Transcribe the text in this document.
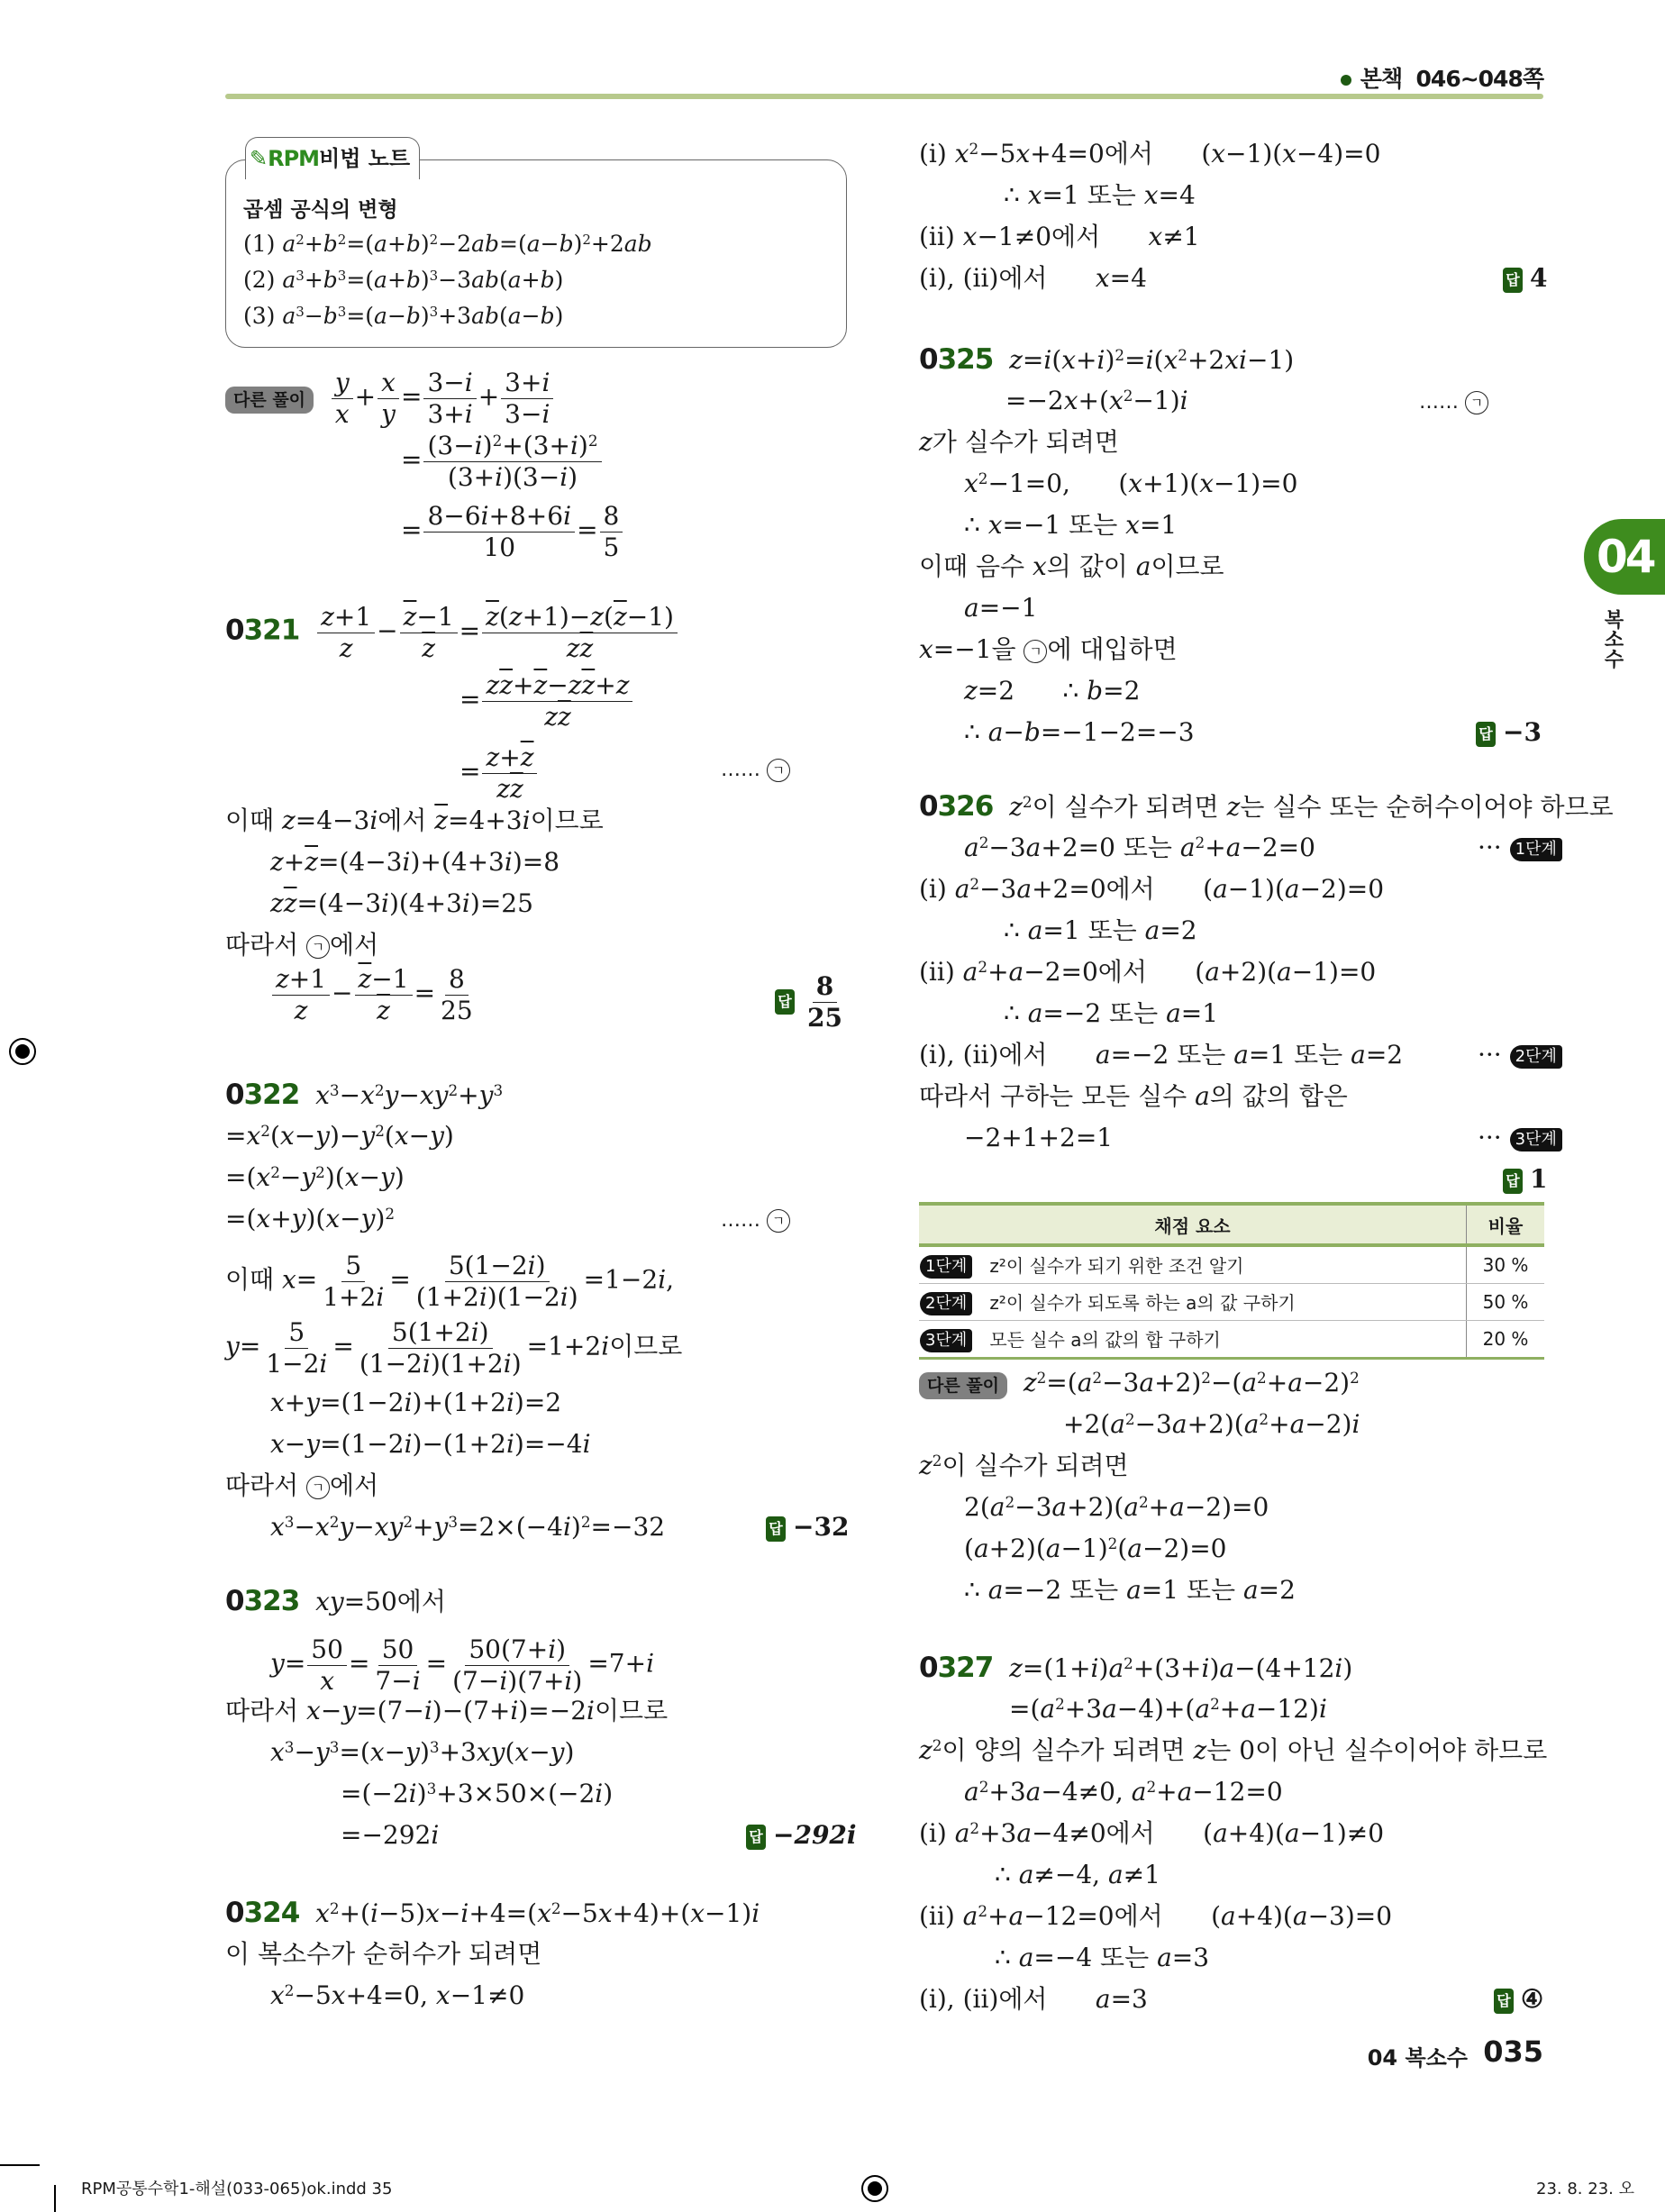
본책 046~048쪽
✎RPM비법 노트
곱셈 공식의 변형
(1) $a^2+b^2=(a+b)^2-2ab=(a-b)^2+2ab$
(2) $a^3+b^3=(a+b)^3-3ab(a+b)$
(3) $a^3-b^3=(a-b)^3+3ab(a-b)$
다른 풀이 $\frac{y}{x} + \frac{x}{y} = \frac{3-i}{3+i} + \frac{3+i}{3-i}$
= $\frac{(3-i)^2+(3+i)^2}{(3+i)(3-i)}$
= $\frac{8-6i+8+6i}{10} = \frac{8}{5}$
$0321 \frac{z+1}{z} - \frac{\overline{z}-1}{z} = \frac{\overline{z}(z+1)-z(\overline{z}-1)}{z\overline{z}}$
= $\frac{z\overline{z}+\overline{z}-z\overline{z}+z}{z\overline{z}}$
= $\frac{z+\overline{z}}{z\overline{z}}$	…… ㄱ
이때 z=4−3i에서 $\overline{z}=4+3i$이므로
$z+\overline{z}=(4-3i)+(4+3i)=8$
$z\overline{z}=(4-3i)(4+3i)=25$
따라서 ㄱ 에서
$\frac{z+1}{z} - \frac{\overline{z}-1}{z} = \frac{8}{25}$	답 $\frac{8}{25}$
0322 $x^3-x^2y-xy^2+y^3$
$=x^2(x-y)-y^2(x-y)$
$=(x^2-y^2)(x-y)$
$=(x+y)(x-y)^2$	…… ㄱ
이때 $x= \frac{5}{1+2i} = \frac{5(1-2i)}{(1+2i)(1-2i)} =1-2i$,
$y= \frac{5}{1-2i} = \frac{5(1+2i)}{(1-2i)(1+2i)} =1+2i$이므로
x+y=(1−2i)+(1+2i)=2
x−y=(1−2i)−(1+2i)=−4i
따라서 ㄱ 에서
$x^3-x^2y-xy^2+y^3=2\times(-4i)^2=-32$	답 −32
0323 xy=50에서
$y= \frac{50}{x} = \frac{50}{7-i} = \frac{50(7+i)}{(7-i)(7+i)} =7+i$
따라서 x−y=(7−i)−(7+i)=−2i이므로
$x^3-y^3=(x-y)^3+3xy(x-y)$
$=(-2i)^3+3\times 50\times(-2i)$
=−292i	답 −292i
0324 $x^2+(i-5)x-i+4=(x^2-5x+4)+(x-1)i$
이 복소수가 순허수가 되려면
$x^2-5x+4=0$, x−1≠0
(i) $x^2-5x+4=0$에서      (x−1)(x−4)=0
∴ x=1 또는 x=4
(ii) x−1≠0에서      x≠1
(i), (ii)에서      x=4	답 4
0325 $z=i(x+i)^2=i(x^2+2xi-1)$
$=-2x+(x^2-1)i$	…… ㄱ
z가 실수가 되려면
$x^2-1=0$,      (x+1)(x−1)=0
∴ x=−1 또는 x=1
이때 음수 x의 값이 a이므로
a=−1
x=−1을 ㄱ 에 대입하면
z=2      ∴ b=2
∴ a−b=−1−2=−3	답 −3
0326 $z^2$이 실수가 되려면 z는 실수 또는 순허수이어야 하므로
$a^2-3a+2=0$ 또는 $a^2+a-2=0$	··· 1단계
(i) $a^2-3a+2=0$에서      (a−1)(a−2)=0
∴ a=1 또는 a=2
(ii) $a^2+a-2=0$에서      (a+2)(a−1)=0
∴ a=−2 또는 a=1
(i), (ii)에서      a=−2 또는 a=1 또는 a=2	··· 2단계
따라서 구하는 모든 실수 a의 값의 합은
−2+1+2=1	··· 3단계
답 1
채점 요소	비율
1단계 z²이 실수가 되기 위한 조건 알기	30 %
2단계 z²이 실수가 되도록 하는 a의 값 구하기	50 %
3단계 모든 실수 a의 값의 합 구하기	20 %
다른 풀이 $z^2=(a^2-3a+2)^2-(a^2+a-2)^2$
$+2(a^2-3a+2)(a^2+a-2)i$
$z^2$이 실수가 되려면
$2(a^2-3a+2)(a^2+a-2)=0$
$(a+2)(a-1)^2(a-2)=0$
∴ a=−2 또는 a=1 또는 a=2
0327 $z=(1+i)a^2+(3+i)a-(4+12i)$
$=(a^2+3a-4)+(a^2+a-12)i$
$z^2$이 양의 실수가 되려면 z는 0이 아닌 실수이어야 하므로
$a^2+3a-4\ne 0$, $a^2+a-12=0$
(i) $a^2+3a-4\ne 0$에서      (a+4)(a−1)≠0
∴ a≠−4, a≠1
(ii) $a^2+a-12=0$에서      (a+4)(a−3)=0
∴ a=−4 또는 a=3
(i), (ii)에서      a=3	답 ④
04
복소수
04 복소수 035
RPM공통수학1-해설(033-065)ok.indd 35	23. 8. 23. 오
